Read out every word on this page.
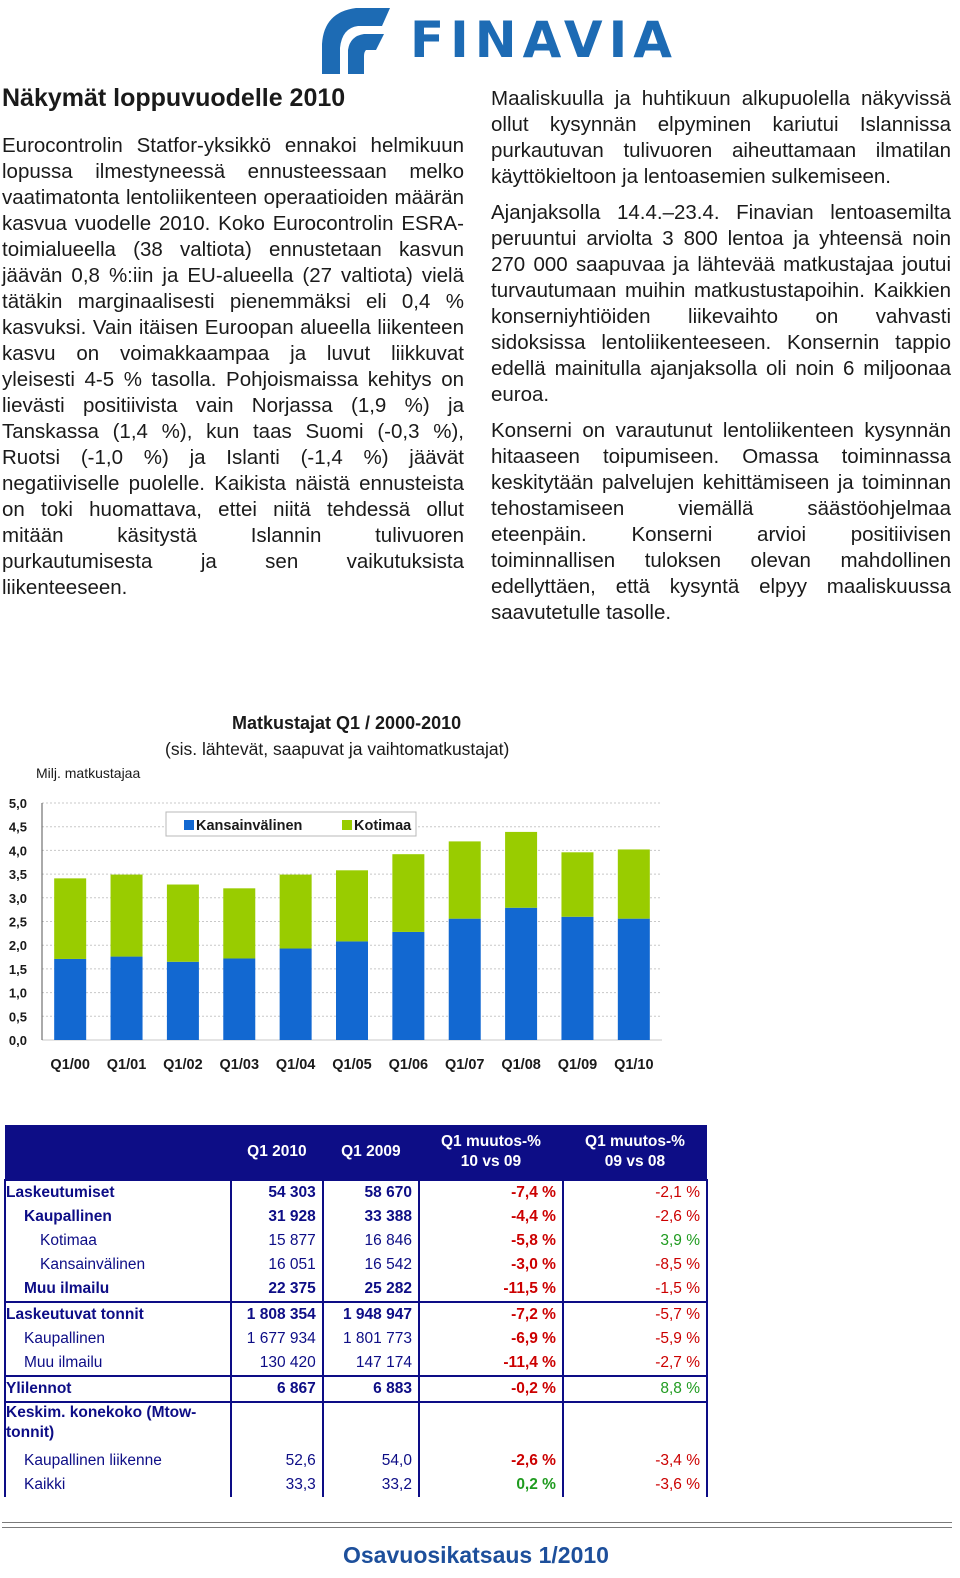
FINAVIA
Näkymät loppuvuodelle 2010

Eurocontrolin Statfor-yksikkö ennakoi helmikuun lopussa ilmestyneessä ennusteessaan melko vaatimatonta lentoliikenteen operaatioiden määrän kasvua vuodelle 2010. Koko Eurocontrolin ESRA-toimialueella (38 valtiota) ennustetaan kasvun jäävän 0,8 %:iin ja EU-alueella (27 valtiota) vielä tätäkin marginaalisesti pienemmäksi eli 0,4 % kasvuksi. Vain itäisen Euroopan alueella liikenteen kasvu on voimakkaampaa ja luvut liikkuvat yleisesti 4-5 % tasolla. Pohjoismaissa kehitys on lievästi positiivista vain Norjassa (1,9 %) ja Tanskassa (1,4 %), kun taas Suomi (-0,3 %), Ruotsi (-1,0 %) ja Islanti (-1,4 %) jäävät negatiiviselle puolelle. Kaikista näistä ennusteista on toki huomattava, ettei niitä tehdessä ollut mitään käsitystä Islannin tulivuoren purkautumisesta ja sen vaikutuksista liikenteeseen.

Maaliskuulla ja huhtikuun alkupuolella näkyvissä ollut kysynnän elpyminen kariutui Islannissa purkautuvan tulivuoren aiheuttamaan ilmatilan käyttökieltoon ja lentoasemien sulkemiseen.

Ajanjaksolla 14.4.–23.4. Finavian lentoasemilta peruuntui arviolta 3 800 lentoa ja yhteensä noin 270 000 saapuvaa ja lähtevää matkustajaa joutui turvautumaan muihin matkustustapoihin. Kaikkien konserniyhtiöiden liikevaihto on vahvasti sidoksissa lentoliikenteeseen. Konsernin tappio edellä mainitulla ajanjaksolla oli noin 6 miljoonaa euroa.

Konserni on varautunut lentoliikenteen kysynnän hitaaseen toipumiseen. Omassa toiminnassa keskitytään palvelujen kehittämiseen ja toiminnan tehostamiseen viemällä säästöohjelmaa eteenpäin. Konserni arvioi positiivisen toiminnallisen tuloksen olevan mahdollinen edellyttäen, että kysyntä elpyy maaliskuussa saavutetulle tasolle.

Matkustajat Q1 / 2000-2010
(sis. lähtevät, saapuvat ja vaihtomatkustajat)
Milj. matkustajaa
5,0
4,5
4,0
3,5
3,0
2,5
2,0
1,5
1,0
0,5
0,0
Q1/00 Q1/01 Q1/02 Q1/03 Q1/04 Q1/05 Q1/06 Q1/07 Q1/08 Q1/09 Q1/10
Kansainvälinen	Kotimaa
	Q1 2010	Q1 2009	Q1 muutos-% 10 vs 09	Q1 muutos-% 09 vs 08
Laskeutumiset	54 303	58 670	-7,4 %	-2,1 %
Kaupallinen	31 928	33 388	-4,4 %	-2,6 %
Kotimaa	15 877	16 846	-5,8 %	3,9 %
Kansainvälinen	16 051	16 542	-3,0 %	-8,5 %
Muu ilmailu	22 375	25 282	-11,5 %	-1,5 %
Laskeutuvat tonnit	1 808 354	1 948 947	-7,2 %	-5,7 %
Kaupallinen	1 677 934	1 801 773	-6,9 %	-5,9 %
Muu ilmailu	130 420	147 174	-11,4 %	-2,7 %
Ylilennot	6 867	6 883	-0,2 %	8,8 %
Keskim. konekoko (Mtow-tonnit)				
Kaupallinen liikenne	52,6	54,0	-2,6 %	-3,4 %
Kaikki	33,3	33,2	0,2 %	-3,6 %
Osavuosikatsaus 1/2010
